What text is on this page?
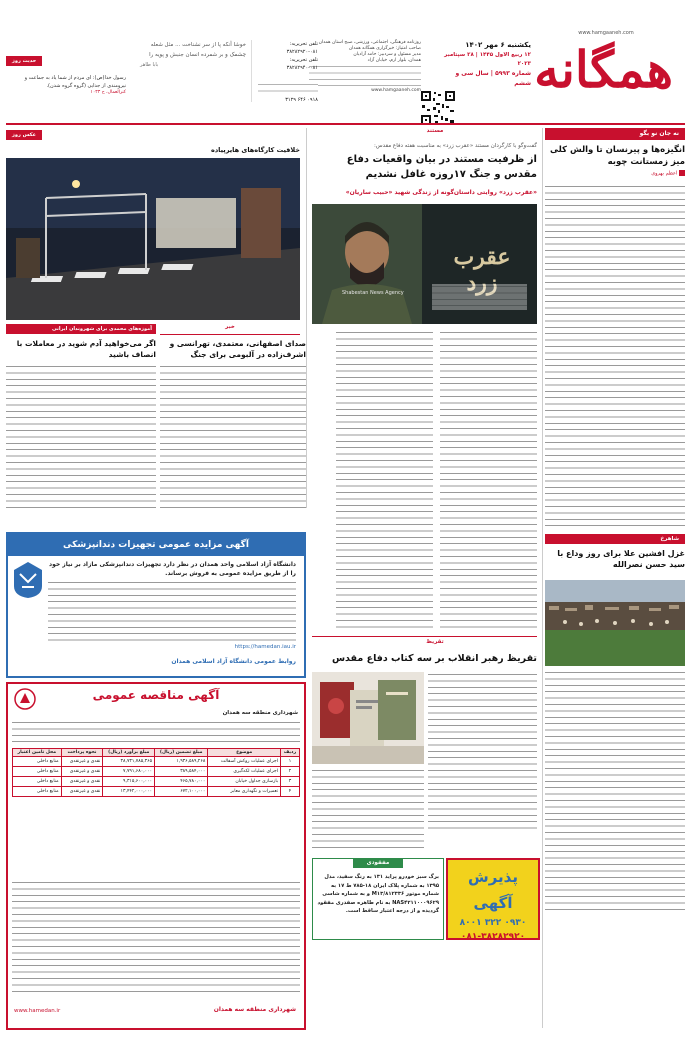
همگانه
www.hamgaaneh.com
یکشنبه ۶ مهر ۱۴۰۲
۱۲ ربیع الاول ۱۴۴۵ | ۲۸ سپتامبر ۲۰۲۳
شماره ۵۹۹۳ | سال سی و ششم
روزنامه فرهنگی، اجتماعی، ورزشی، صبح استان همدان
صاحب امتیاز: خبرگزاری همگانه همدان
مدیر مسئول و سردبیر: حامد آزادیان
همدان، بلوار ارم، خیابان آزاد
www.hamgaaneh.com
تلفن تحریریه: ۰۸۱-۳۸۲۸۲۹۲۰
تلفن تحریریه: ۰۸۱-۳۸۲۸۲۹۴۰
۰۹۱۸ ۶۴۶ ۳۱۲۹
خوشا آنکه پا از سر نشناخت ... مثل شعله چشمک و بر شمرده انسان جنبش و پویه را
بابا طاهر
حدیث روز
رسول خدا(ص): ای مردم از شما یاد به جماعت و نیرومندی از جدایی (گروه گروه شدن).
کنزالعمال، ح ۱۰۳۳
نه جان نو بگو
انگیزه‌ها و پیرنسان تا والش کلی میز زمستانت چوبه
اعظم بهروی
شاهرخ
غزل افشین علا برای روز وداع با سید حسن نصرالله
مستند
گفت‌وگو با کارگردان مستند «عقرب زرد» به مناسبت هفته دفاع مقدس:
از ظرفیت مستند در بیان واقعیات دفاع مقدس و جنگ ۱۷روزه غافل نشدیم
«عقرب زرد» روایتی داستان‌گونه از زندگی شهید «حبیب ساریان»
عقرب زرد
Shabestan News Agency
تقریظ
تقریظ رهبر انقلاب بر سه کتاب دفاع مقدس
مفقودی
برگ سبز خودرو پراید ۱۳۱ به رنگ سفید، مدل ۱۳۹۵ به شماره پلاک ایران ۱۸-۷۸۵ ط ۱۷ به شماره موتور M۱۳/۸۱۲۳۳۶ و به شماره شاسی NAS۴۲۱۱۰۰۰۹۶۲۹ به نام طاهره صفدری مفقود گردیده و از درجه اعتبار ساقط است.
پذیرش آگهی
۰۹۳۰ ۳۲۲ ۸۰۰۱
۰۸۱-۳۸۲۸۲۹۲۰
عکس روز
خلاقیت کارگاه‌های هایرپیاده
آموزه‌های محمدی برای شهروندان ایرانی
اگر می‌خواهید آدم شوید در معاملات با انصاف باشید
خبر
صدای اصفهانی، معتمدی، تهرانسی و اشرف‌زاده در آلبومی برای جنگ
آگهی مزایده عمومی تجهیزات دندانپزشکی
دانشگاه آزاد اسلامی واحد همدان در نظر دارد تجهیزات دندانپزشکی مازاد بر نیاز خود را از طریق مزایده عمومی به فروش برساند.
https://hamedan.iau.ir
روابط عمومی دانشگاه آزاد اسلامی همدان
آگهی مناقصه عمومی
شهرداری منطقه سه همدان
ردیف	موضوع	مبلغ تضمین (ریال)	مبلغ برآورد (ریال)	نحوه پرداخت	محل تامین اعتبار
۱	اجرای عملیات روکش آسفالت	۱,۹۳۶,۵۸۹,۲۶۸	۳۸,۷۳۱,۷۸۵,۳۶۵	نقدی و غیرنقدی	منابع داخلی
۲	اجرای عملیات لکه‌گیری	۳۸۹,۵۸۴,۰۰۰	۷,۷۹۱,۶۸۰,۰۰۰	نقدی و غیرنقدی	منابع داخلی
۳	بازسازی جداول خیابان	۴۶۵,۷۸۰,۰۰۰	۹,۳۱۵,۶۰۰,۰۰۰	نقدی و غیرنقدی	منابع داخلی
۴	تعمیرات و نگهداری معابر	۶۷۲,۱۰۰,۰۰۰	۱۳,۴۴۲,۰۰۰,۰۰۰	نقدی و غیرنقدی	منابع داخلی
www.hamedan.ir	شهرداری منطقه سه همدان
